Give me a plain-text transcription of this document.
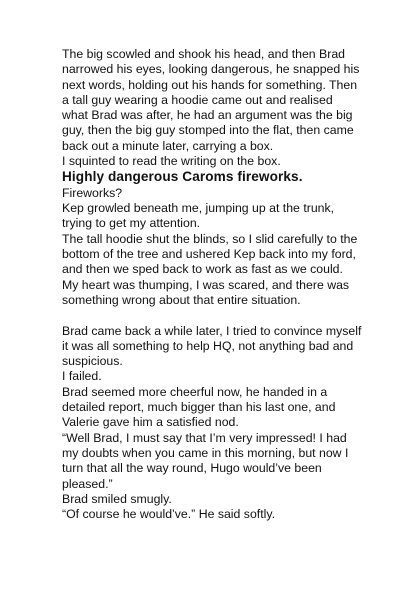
The big scowled and shook his head, and then Brad narrowed his eyes, looking dangerous, he snapped his next words, holding out his hands for something. Then a tall guy wearing a hoodie came out and realised what Brad was after, he had an argument was the big guy, then the big guy stomped into the flat, then came back out a minute later, carrying a box.

I squinted to read the writing on the box.

Highly dangerous Caroms fireworks.

Fireworks?

Kep growled beneath me, jumping up at the trunk, trying to get my attention.

The tall hoodie shut the blinds, so I slid carefully to the bottom of the tree and ushered Kep back into my ford, and then we sped back to work as fast as we could.

My heart was thumping, I was scared, and there was something wrong about that entire situation.

Brad came back a while later, I tried to convince myself it was all something to help HQ, not anything bad and suspicious.

I failed.

Brad seemed more cheerful now, he handed in a detailed report, much bigger than his last one, and Valerie gave him a satisfied nod.

“Well Brad, I must say that I’m very impressed! I had my doubts when you came in this morning, but now I turn that all the way round, Hugo would’ve been pleased.”

Brad smiled smugly.

“Of course he would’ve.” He said softly.
